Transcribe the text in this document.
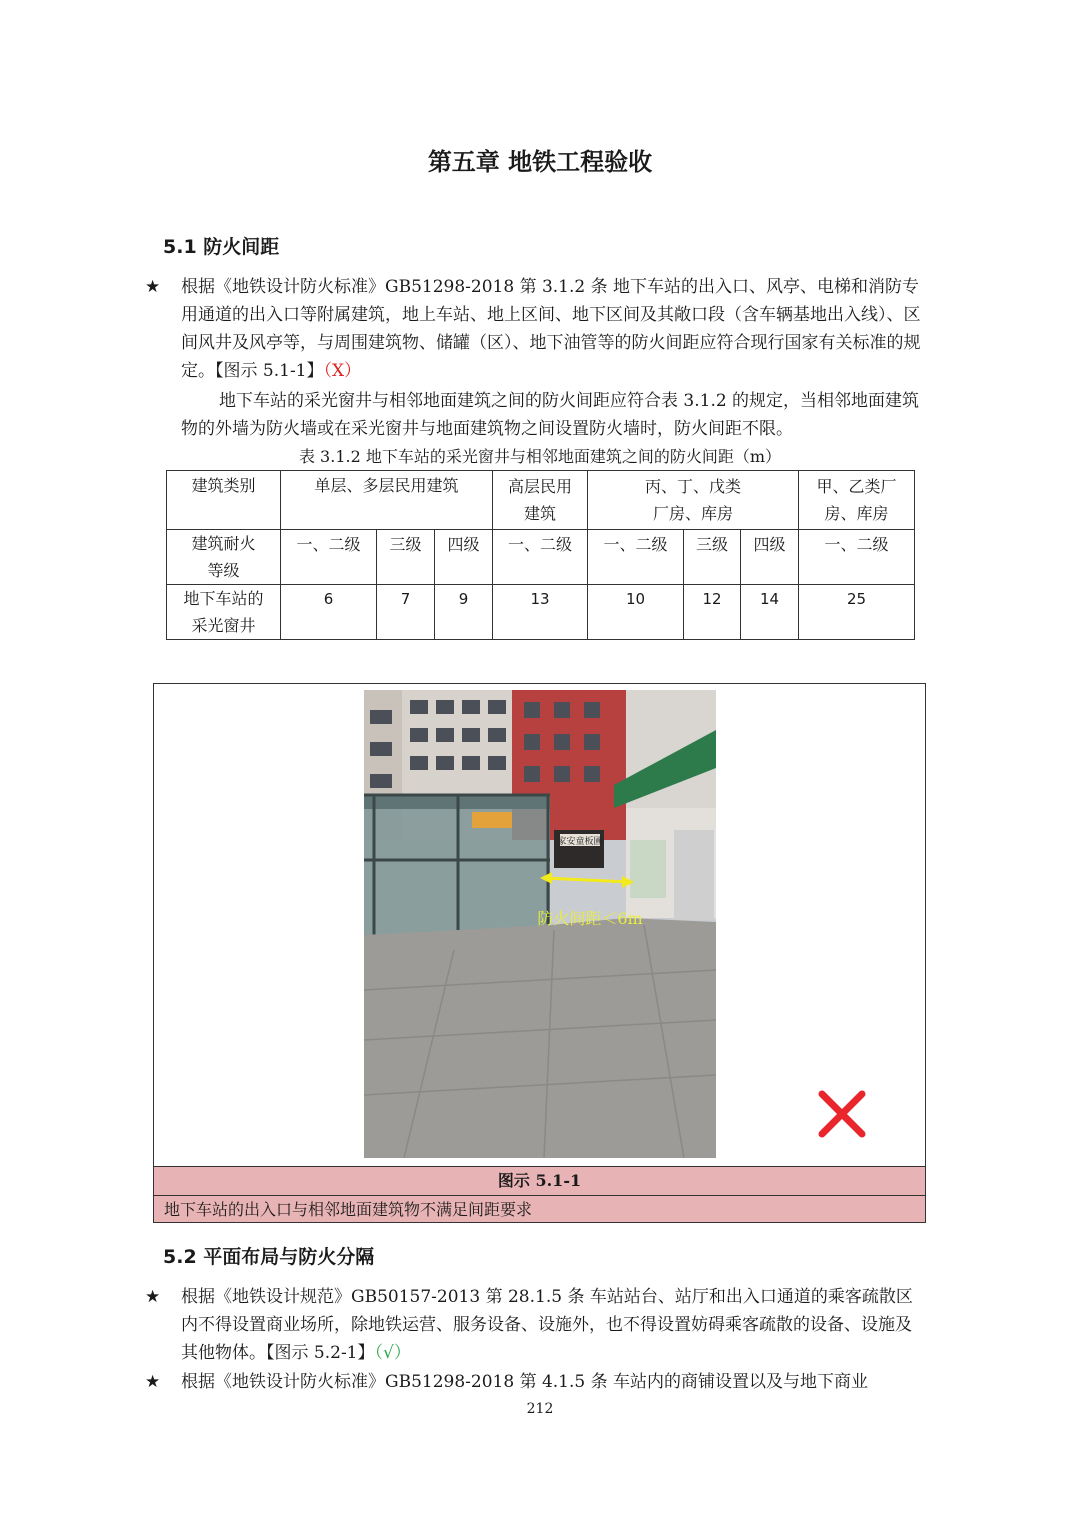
第五章 地铁工程验收
5.1 防火间距
★ 根据《地铁设计防火标准》GB51298-2018 第 3.1.2 条 地下车站的出入口、风亭、电梯和消防专用通道的出入口等附属建筑，地上车站、地上区间、地下区间及其敞口段（含车辆基地出入线）、区间风井及风亭等，与周围建筑物、储罐（区）、地下油管等的防火间距应符合现行国家有关标准的规定。【图示 5.1-1】（X）
地下车站的采光窗井与相邻地面建筑之间的防火间距应符合表 3.1.2 的规定，当相邻地面建筑物的外墙为防火墙或在采光窗井与地面建筑物之间设置防火墙时，防火间距不限。
表 3.1.2 地下车站的采光窗井与相邻地面建筑之间的防火间距（m）
建筑类别	单层、多层民用建筑			高层民用建筑	丙、丁、戊类厂房、库房			甲、乙类厂房、库房
建筑耐火等级	一、二级	三级	四级	一、二级	一、二级	三级	四级	一、二级
地下车站的采光窗井	6	7	9	13	10	12	14	25
家安童板圃
防火间距＜6m
图示 5.1-1
地下车站的出入口与相邻地面建筑物不满足间距要求
5.2 平面布局与防火分隔
★ 根据《地铁设计规范》GB50157-2013 第 28.1.5 条 车站站台、站厅和出入口通道的乘客疏散区内不得设置商业场所，除地铁运营、服务设备、设施外，也不得设置妨碍乘客疏散的设备、设施及其他物体。【图示 5.2-1】（√）
★ 根据《地铁设计防火标准》GB51298-2018 第 4.1.5 条 车站内的商铺设置以及与地下商业
212
